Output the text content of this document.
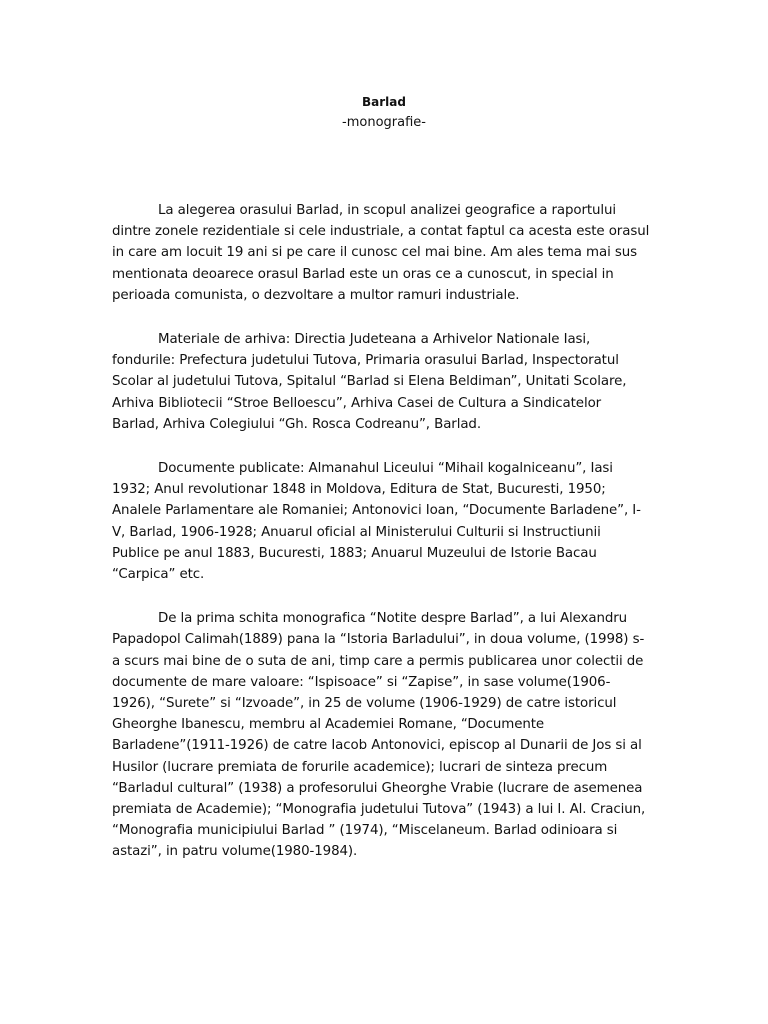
Barlad
-monografie-

La alegerea orasului Barlad, in scopul analizei geografice a raportului dintre zonele rezidentiale si cele industriale, a contat faptul ca acesta este orasul in care am locuit 19 ani si pe care il cunosc cel mai bine. Am ales tema mai sus mentionata deoarece orasul Barlad este un oras ce a cunoscut, in special in perioada comunista, o dezvoltare a multor ramuri industriale.

Materiale de arhiva: Directia Judeteana a Arhivelor Nationale Iasi, fondurile: Prefectura judetului Tutova, Primaria orasului Barlad, Inspectoratul Scolar al judetului Tutova, Spitalul “Barlad si Elena Beldiman”, Unitati Scolare, Arhiva Bibliotecii “Stroe Belloescu”, Arhiva Casei de Cultura a Sindicatelor Barlad, Arhiva Colegiului “Gh. Rosca Codreanu”, Barlad.

Documente publicate: Almanahul Liceului “Mihail kogalniceanu”, Iasi 1932; Anul revolutionar 1848 in Moldova, Editura de Stat, Bucuresti, 1950; Analele Parlamentare ale Romaniei; Antonovici Ioan, “Documente Barladene”, I-V, Barlad, 1906-1928; Anuarul oficial al Ministerului Culturii si Instructiunii Publice pe anul 1883, Bucuresti, 1883; Anuarul Muzeului de Istorie Bacau “Carpica” etc.

De la prima schita monografica “Notite despre Barlad”, a lui Alexandru Papadopol Calimah(1889) pana la “Istoria Barladului”, in doua volume, (1998) s-a scurs mai bine de o suta de ani, timp care a permis publicarea unor colectii de documente de mare valoare: “Ispisoace” si “Zapise”, in sase volume(1906-1926), “Surete” si “Izvoade”, in 25 de volume (1906-1929) de catre istoricul Gheorghe Ibanescu, membru al Academiei Romane, “Documente Barladene”(1911-1926) de catre Iacob Antonovici, episcop al Dunarii de Jos si al Husilor (lucrare premiata de forurile academice); lucrari de sinteza precum “Barladul cultural” (1938) a profesorului Gheorghe Vrabie (lucrare de asemenea premiata de Academie); “Monografia judetului Tutova” (1943) a lui I. Al. Craciun, “Monografia municipiului Barlad ” (1974), “Miscelaneum. Barlad odinioara si astazi”, in patru volume(1980-1984).
